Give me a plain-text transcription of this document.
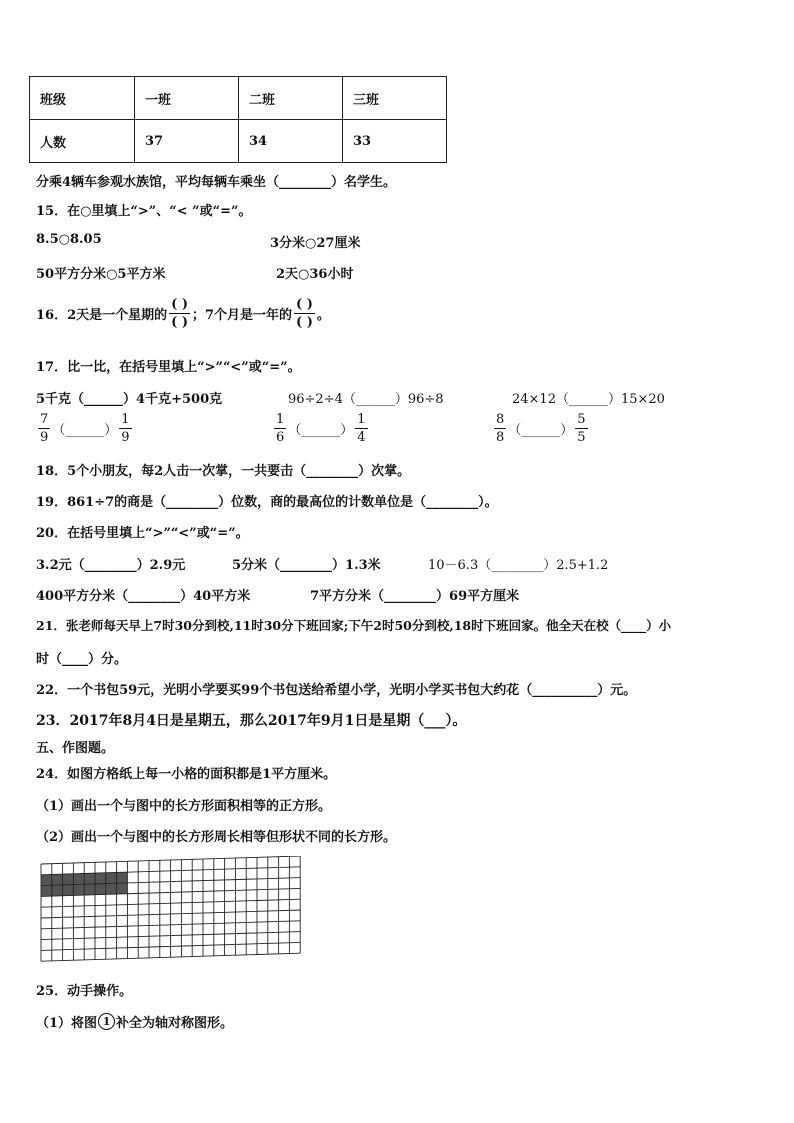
班级	一班	二班	三班
人数	37	34	33
分乘4辆车参观水族馆，平均每辆车乘坐（________）名学生。
15．在○里填上“>”、“< ”或“=”。
8.5○8.05	3分米○27厘米
50平方分米○5平方米	2天○36小时
16．2天是一个星期的 $\frac{( )}{( )}$ ；7个月是一年的 $\frac{( )}{( )}$ 。
17．比一比，在括号里填上“>”“<”或“=”。
5千克（______）4千克+500克	96÷2÷4（______）96÷8	24×12（______）15×20
$\frac{7}{9}$ （______） $\frac{1}{9}$	$\frac{1}{6}$ （______） $\frac{1}{4}$	$\frac{8}{8}$ （______） $\frac{5}{5}$
18．5个小朋友，每2人击一次掌，一共要击（________）次掌。
19．861÷7的商是（________）位数，商的最高位的计数单位是（________）。
20．在括号里填上“>”“<”或“=”。
3.2元（________）2.9元	5分米（________）1.3米	10－6.3（________）2.5+1.2
400平方分米（________）40平方米	7平方分米（________）69平方厘米
21．张老师每天早上7时30分到校,11时30分下班回家;下午2时50分到校,18时下班回家。他全天在校（____）小
时（____）分。
22．一个书包59元，光明小学要买99个书包送给希望小学，光明小学买书包大约花（__________）元。
23．2017年8月4日是星期五，那么2017年9月1日是星期（___）。
五、作图题。
24．如图方格纸上每一小格的面积都是1平方厘米。
（1）画出一个与图中的长方形面积相等的正方形。
（2）画出一个与图中的长方形周长相等但形状不同的长方形。
25．动手操作。
（1）将图 1 补全为轴对称图形。
